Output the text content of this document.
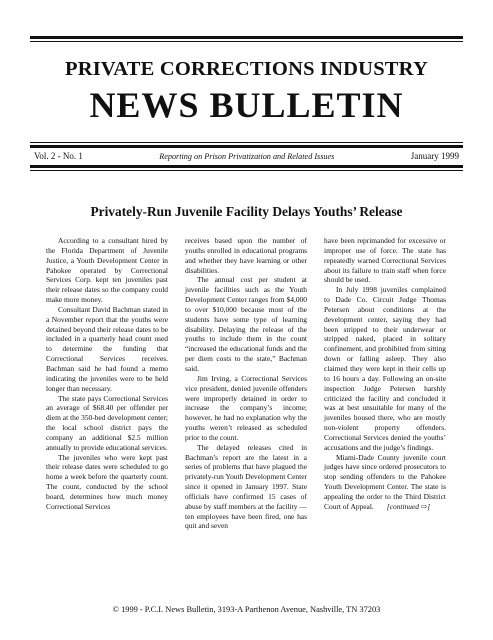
PRIVATE CORRECTIONS INDUSTRY
NEWS BULLETIN
Vol. 2 - No. 1	Reporting on Prison Privatization and Related Issues	January 1999
Privately-Run Juvenile Facility Delays Youths’ Release

According to a consultant hired by the Florida Department of Juvenile Justice, a Youth Development Center in Pahokee operated by Correctional Services Corp. kept ten juveniles past their release dates so the company could make more money.

Consultant David Bachman stated in a November report that the youths were detained beyond their release dates to be included in a quarterly head count used to determine the funding that Correctional Services receives. Bachman said he had found a memo indicating the juveniles were to be held longer than necessary.

The state pays Correctional Services an average of $68.40 per offender per diem at the 350-bed development center; the local school district pays the company an additional $2.5 million annually to provide educational services.

The juveniles who were kept past their release dates were scheduled to go home a week before the quarterly count. The count, conducted by the school board, determines how much money Correctional Services

receives based upon the number of youths enrolled in educational programs and whether they have learning or other disabilities.

The annual cost per student at juvenile facilities such as the Youth Development Center ranges from $4,000 to over $10,000 because most of the students have some type of learning disability. Delaying the release of the youths to include them in the count “increased the educational funds and the per diem costs to the state,” Bachman said.

Jim Irving, a Correctional Services vice president, denied juvenile offenders were improperly detained in order to increase the company’s income; however, he had no explanation why the youths weren’t released as scheduled prior to the count.

The delayed releases cited in Bachman’s report are the latest in a series of problems that have plagued the privately-run Youth Development Center since it opened in January 1997. State officials have confirmed 15 cases of abuse by staff members at the facility — ten employees have been fired, one has quit and seven

have been reprimanded for excessive or improper use of force. The state has repeatedly warned Correctional Services about its failure to train staff when force should be used.

In July 1998 juveniles complained to Dade Co. Circuit Judge Thomas Petersen about conditions at the development center, saying they had been stripped to their underwear or stripped naked, placed in solitary confinement, and prohibited from sitting down or falling asleep. They also claimed they were kept in their cells up to 16 hours a day. Following an on-site inspection Judge Petersen harshly criticized the facility and concluded it was at best unsuitable for many of the juveniles housed there, who are mostly non-violent property offenders. Correctional Services denied the youths’ accusations and the judge’s findings.

Miami-Dade County juvenile court judges have since ordered prosecutors to stop sending offenders to the Pahokee Youth Development Center. The state is appealing the order to the Third District Court of Appeal. [continued ⇨]

© 1999 - P.C.I. News Bulletin, 3193-A Parthenon Avenue, Nashville, TN 37203
